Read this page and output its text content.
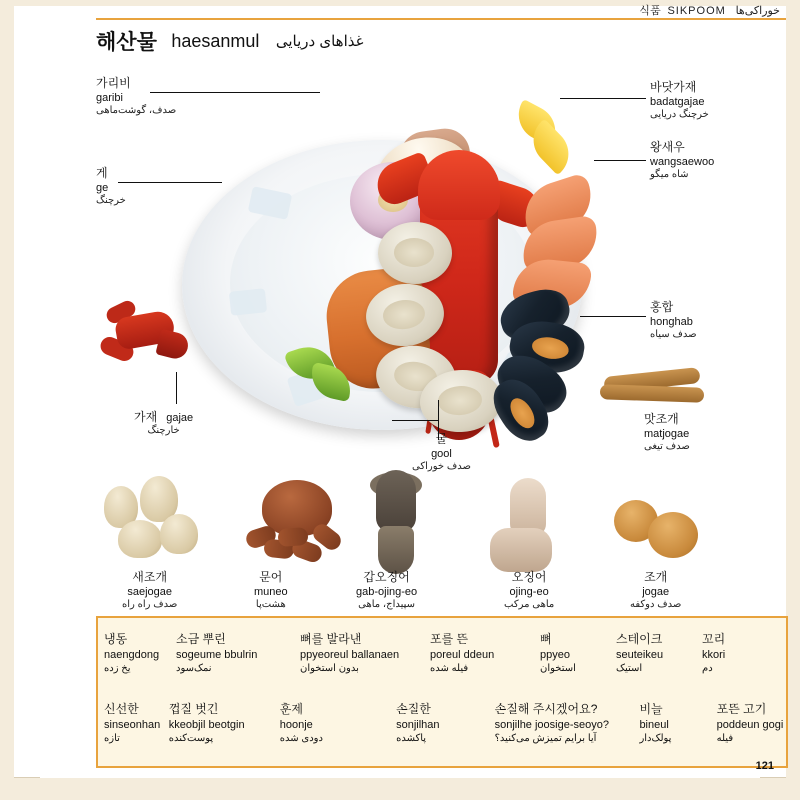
식품 SIKPOOM خوراکی‌ها
해산물 haesanmul غذاهای دریایی
가리비
garibi
صدف، گوشت‌ماهی
게
ge
خرچنگ
바닷가재
badatgajae
خرچنگ دریایی
왕새우
wangsaewoo
شاه میگو
홍합
honghab
صدف سیاه
맛조개
matjogae
صدف تیغی
가재 gajae
خارچنگ
굴
gool
صدف خوراکی
새조개
saejogae
صدف راه راه
문어
muneo
هشت‌پا
갑오징어
gab-ojing-eo
سپیداج، ماهی
오징어
ojing-eo
ماهی مرکب
조개
jogae
صدف دوکفه
냉동
naengdong
یخ زده
소금 뿌린
sogeume bbulrin
نمک‌سود
뼈를 발라낸
ppyeoreul ballanaen
بدون استخوان
포를 뜬
poreul ddeun
فیله شده
뼈
ppyeo
استخوان
스테이크
seuteikeu
استیک
꼬리
kkori
دم
신선한
sinseonhan
تازه
껍질 벗긴
kkeobjil beotgin
پوست‌کنده
훈제
hoonje
دودی شده
손질한
sonjilhan
پاکشده
손질해 주시겠어요?
sonjilhe joosige-seoyo?
آیا برایم تمیزش می‌کنید؟
비늘
bineul
پولک‌دار
포뜬 고기
poddeun gogi
فیله
121
